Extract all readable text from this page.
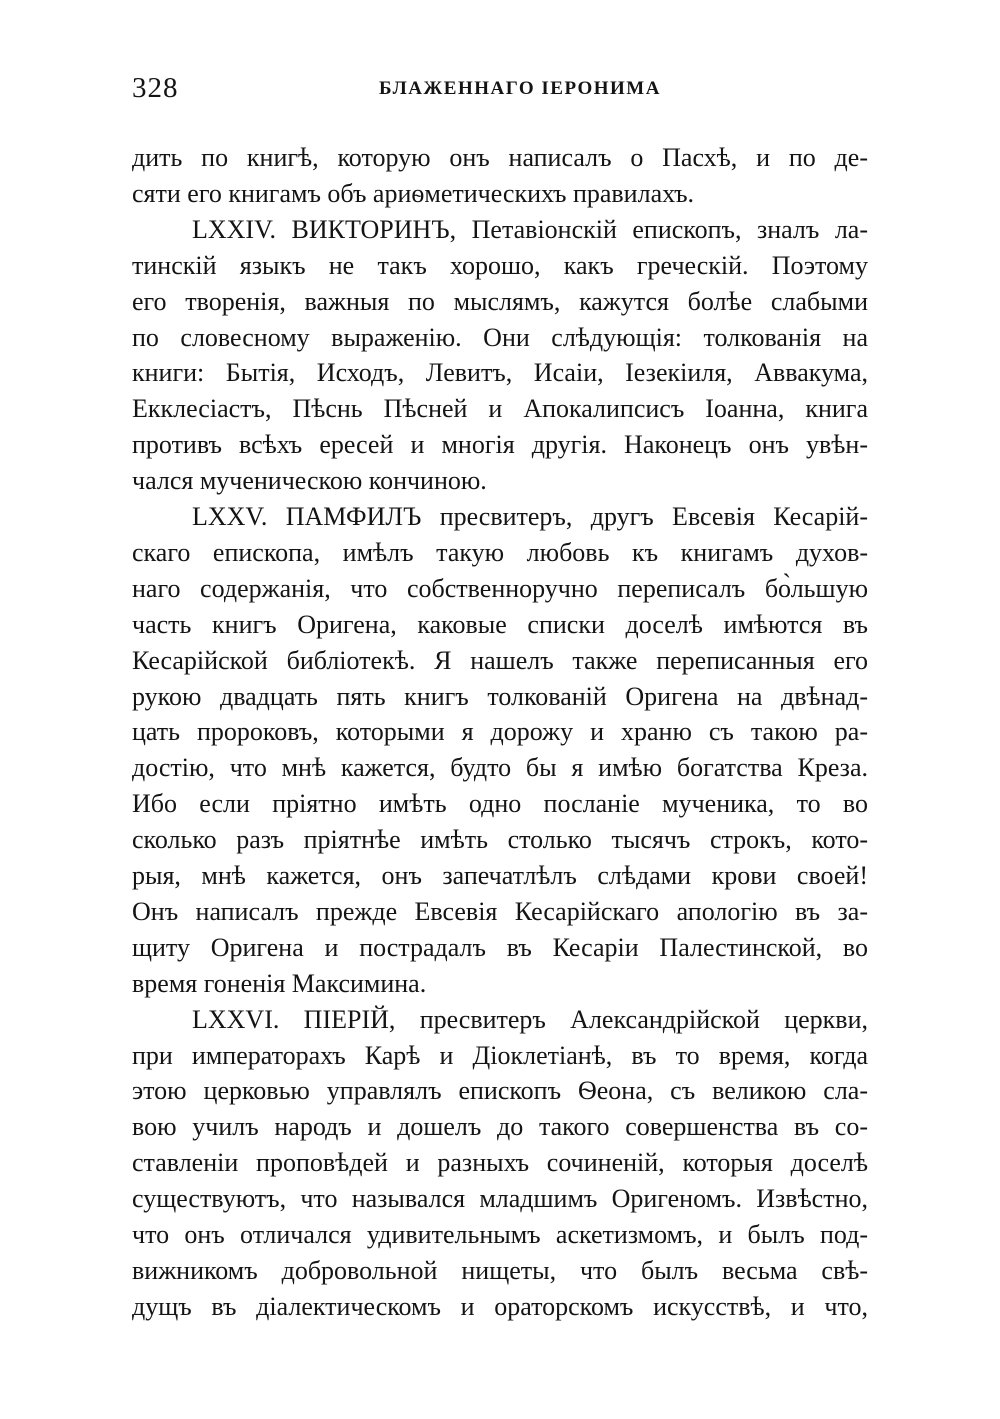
328	БЛАЖЕННАГО ІЕРОНИМА
дить по книгѣ, которую онъ написалъ о Пасхѣ, и по де-
сяти его книгамъ объ ариѳметическихъ правилахъ.
LXXIV. ВИКТОРИНЪ, Петавіонскій епископъ, зналъ ла-
тинскій языкъ не такъ хорошо, какъ греческій. Поэтому
его творенія, важныя по мыслямъ, кажутся болѣе слабыми
по словесному выраженію. Они слѣдующія: толкованія на
книги: Бытія, Исходъ, Левитъ, Исаіи, Іезекіиля, Аввакума,
Екклесіастъ, Пѣснь Пѣсней и Апокалипсисъ Іоанна, книга
противъ всѣхъ ересей и многія другія. Наконецъ онъ увѣн-
чался мученическою кончиною.
LXXV. ПАМФИЛЪ пресвитеръ, другъ Евсевія Кесарій-
скаго епископа, имѣлъ такую любовь къ книгамъ духов-
наго содержанія, что собственноручно переписалъ бо̀льшую
часть книгъ Оригена, каковые списки доселѣ имѣются въ
Кесарійской библіотекѣ. Я нашелъ также переписанныя его
рукою двадцать пять книгъ толкованій Оригена на двѣнад-
цать пророковъ, которыми я дорожу и храню съ такою ра-
достію, что мнѣ кажется, будто бы я имѣю богатства Креза.
Ибо если пріятно имѣть одно посланіе мученика, то во
сколько разъ пріятнѣе имѣть столько тысячъ строкъ, кото-
рыя, мнѣ кажется, онъ запечатлѣлъ слѣдами крови своей!
Онъ написалъ прежде Евсевія Кесарійскаго апологію въ за-
щиту Оригена и пострадалъ въ Кесаріи Палестинской, во
время гоненія Максимина.
LXXVI. ПІЕРІЙ, пресвитеръ Александрійской церкви,
при императорахъ Карѣ и Діоклетіанѣ, въ то время, когда
этою церковью управлялъ епископъ Ѳеона, съ великою сла-
вою училъ народъ и дошелъ до такого совершенства въ со-
ставленіи проповѣдей и разныхъ сочиненій, которыя доселѣ
существуютъ, что назывался младшимъ Оригеномъ. Извѣстно,
что онъ отличался удивительнымъ аскетизмомъ, и былъ под-
вижникомъ добровольной нищеты, что былъ весьма свѣ-
дущъ въ діалектическомъ и ораторскомъ искусствѣ, и что,
